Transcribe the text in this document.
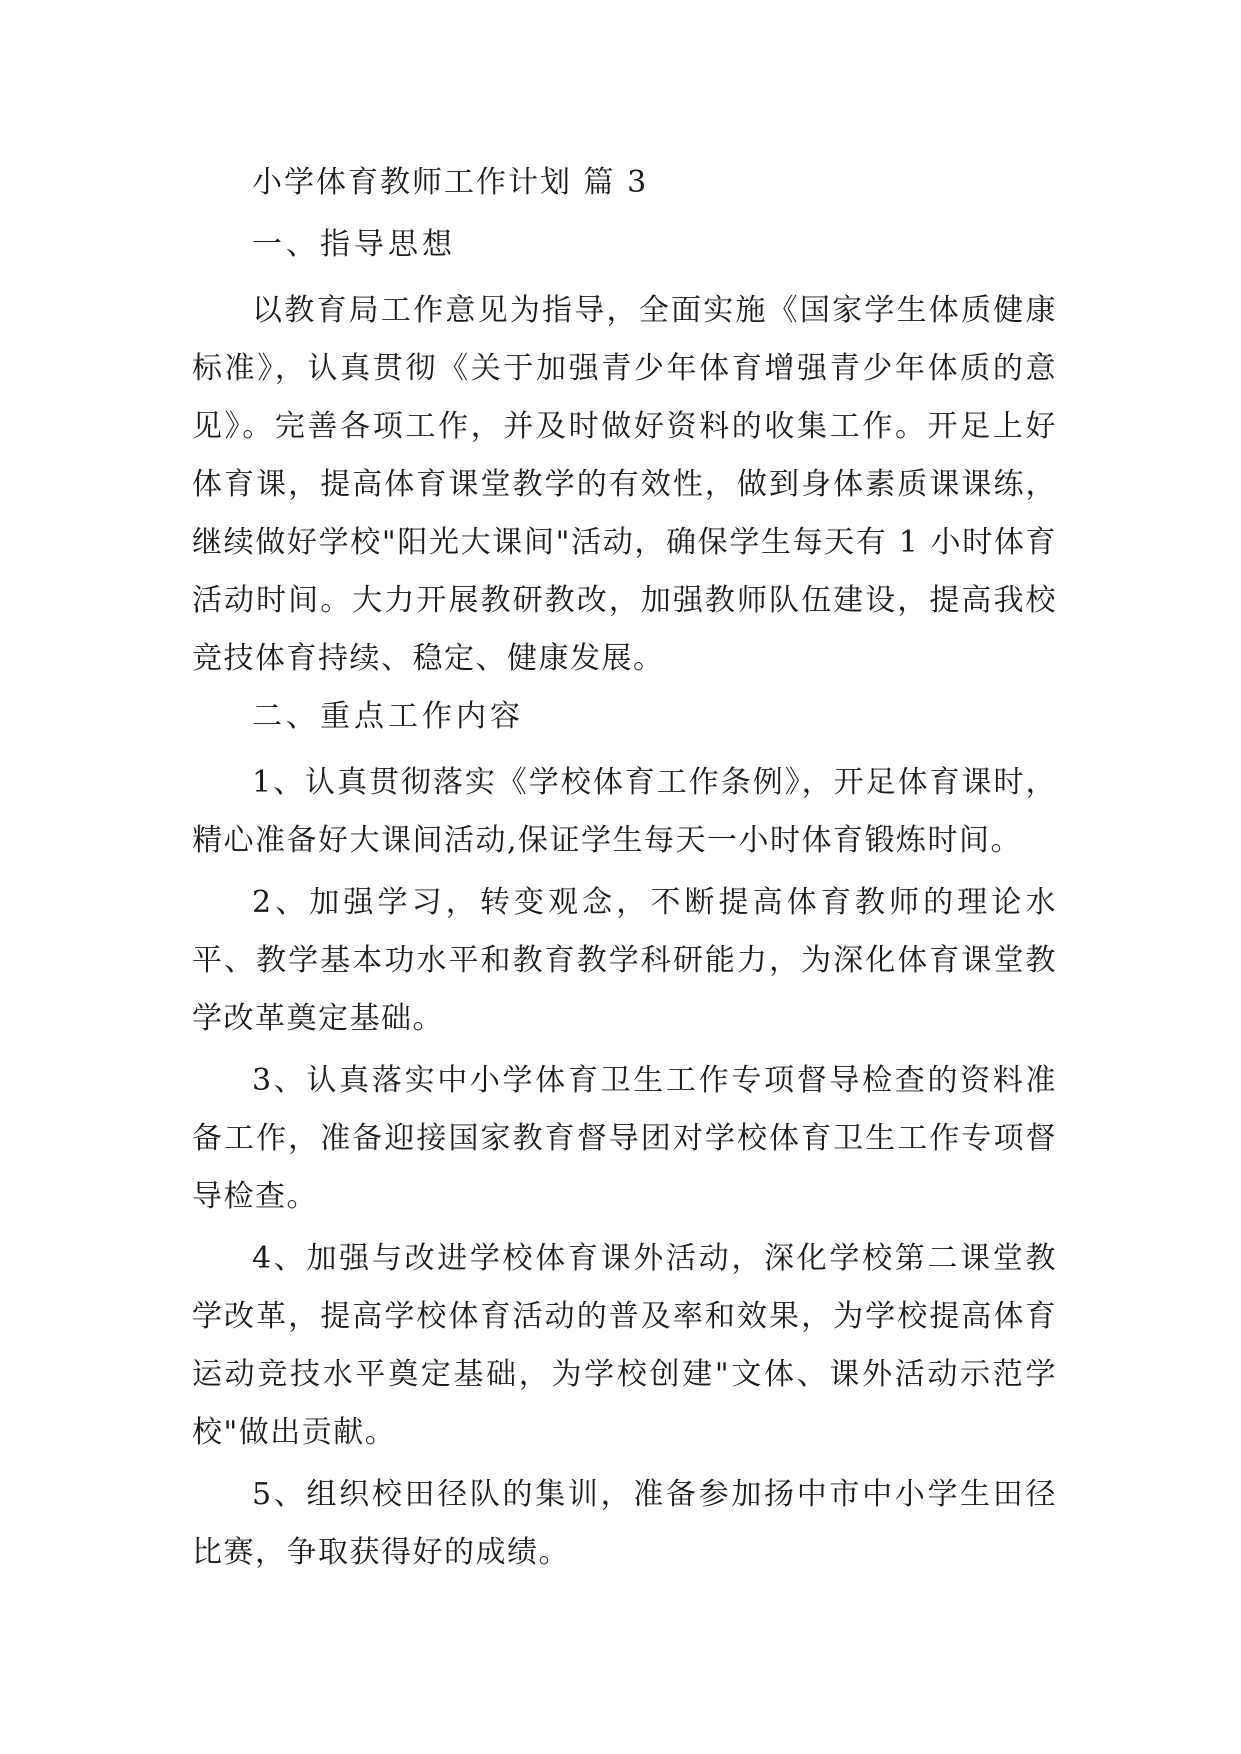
小学体育教师工作计划 篇 3
一、指导思想

以教育局工作意见为指导，全面实施《国家学生体质健康标准》，认真贯彻《关于加强青少年体育增强青少年体质的意见》。完善各项工作，并及时做好资料的收集工作。开足上好体育课，提高体育课堂教学的有效性，做到身体素质课课练，继续做好学校"阳光大课间"活动，确保学生每天有 1 小时体育活动时间。大力开展教研教改，加强教师队伍建设，提高我校竞技体育持续、稳定、健康发展。

二、重点工作内容

1、认真贯彻落实《学校体育工作条例》，开足体育课时，精心准备好大课间活动,保证学生每天一小时体育锻炼时间。

2、加强学习，转变观念，不断提高体育教师的理论水平、教学基本功水平和教育教学科研能力，为深化体育课堂教学改革奠定基础。

3、认真落实中小学体育卫生工作专项督导检查的资料准备工作，准备迎接国家教育督导团对学校体育卫生工作专项督导检查。

4、加强与改进学校体育课外活动，深化学校第二课堂教学改革，提高学校体育活动的普及率和效果，为学校提高体育运动竞技水平奠定基础，为学校创建"文体、课外活动示范学校"做出贡献。

5、组织校田径队的集训，准备参加扬中市中小学生田径比赛，争取获得好的成绩。
